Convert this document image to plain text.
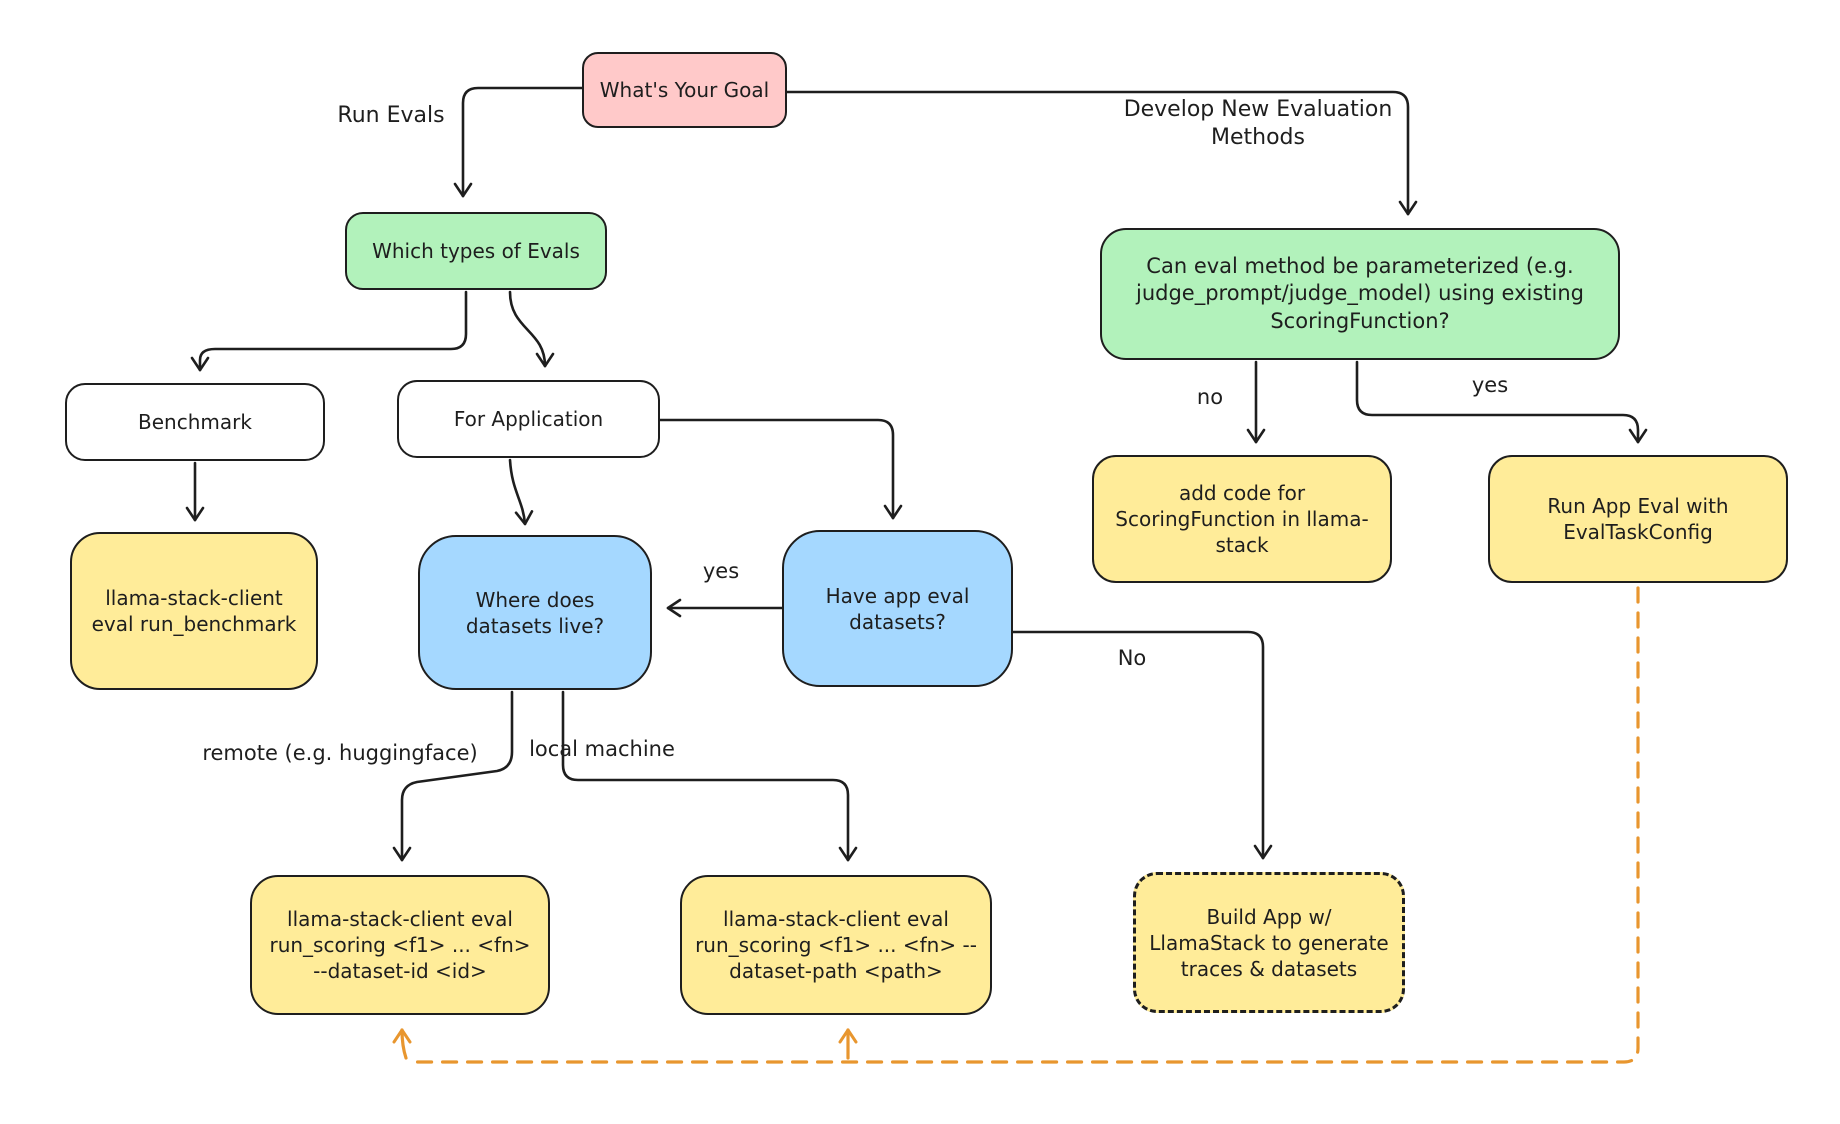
What's Your Goal
Which types of Evals
Benchmark	For Application
llama-stack-client eval run_benchmark
Where does datasets live?
Have app eval datasets?
Can eval method be parameterized (e.g. judge_prompt/judge_model) using existing ScoringFunction?
add code for ScoringFunction in llama-stack
Run App Eval with EvalTaskConfig
llama-stack-client eval run_scoring <f1> ... <fn> --dataset-id <id>
llama-stack-client eval run_scoring <f1> ... <fn> --dataset-path <path>
Build App w/ LlamaStack to generate traces & datasets
Run Evals	Develop New Evaluation Methods
yes
No
no	yes
remote (e.g. huggingface)	local machine
